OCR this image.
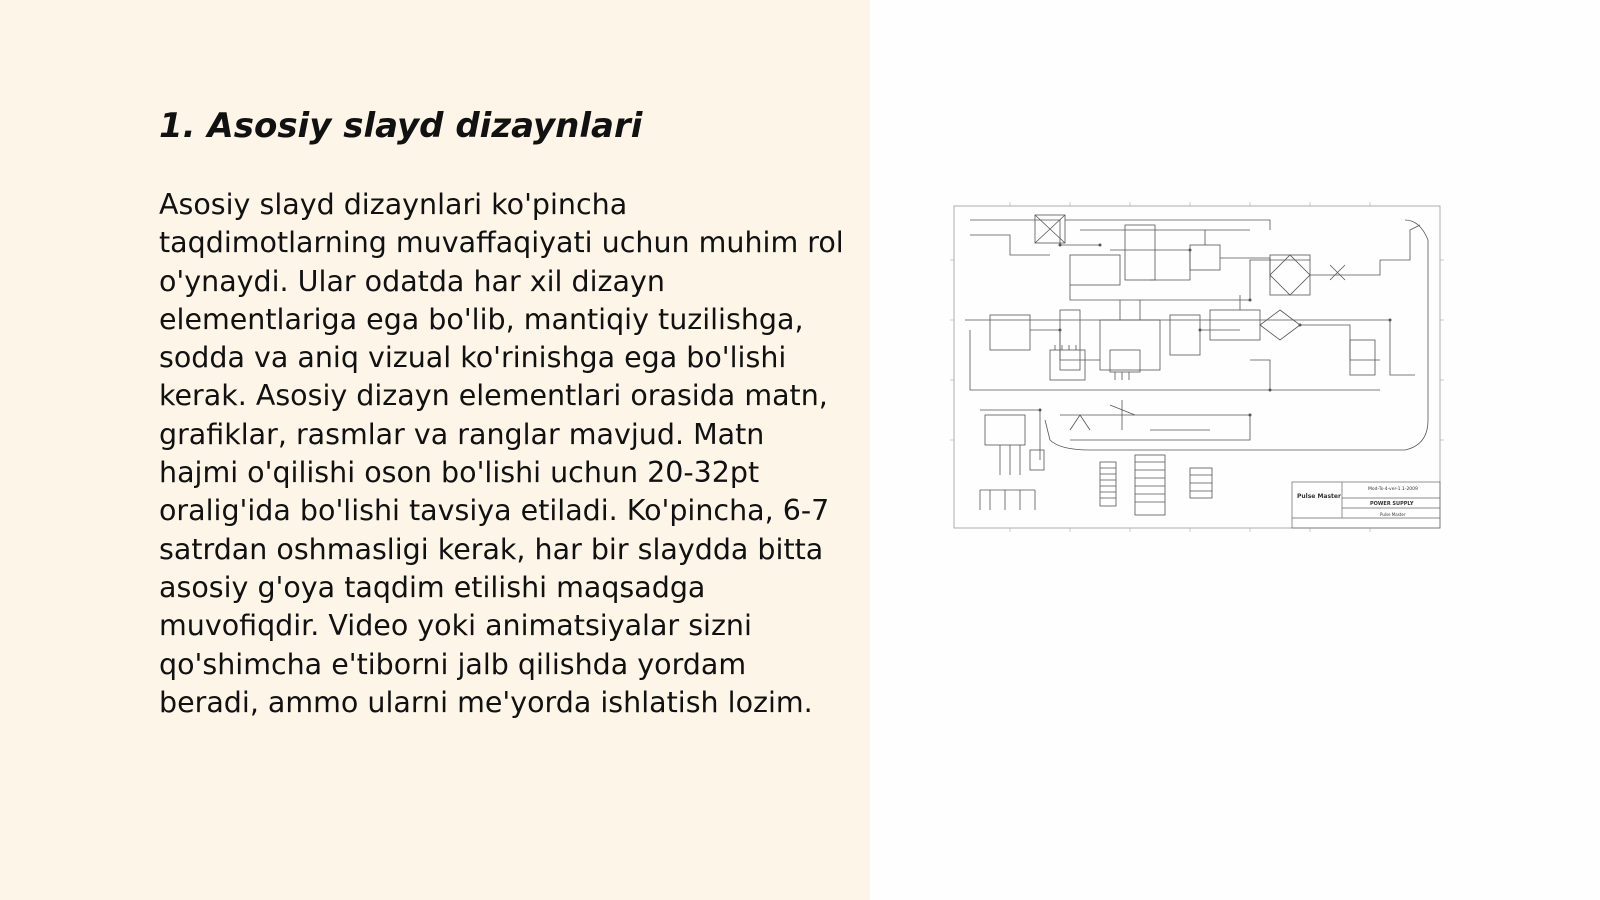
1. Asosiy slayd dizaynlari

Asosiy slayd dizaynlari ko'pincha taqdimotlarning muvaffaqiyati uchun muhim rol o'ynaydi. Ular odatda har xil dizayn elementlariga ega bo'lib, mantiqiy tuzilishga, sodda va aniq vizual ko'rinishga ega bo'lishi kerak. Asosiy dizayn elementlari orasida matn, grafiklar, rasmlar va ranglar mavjud. Matn hajmi o'qilishi oson bo'lishi uchun 20-32pt oralig'ida bo'lishi tavsiya etiladi. Ko'pincha, 6-7 satrdan oshmasligi kerak, har bir slaydda bitta asosiy g'oya taqdim etilishi maqsadga muvofiqdir. Video yoki animatsiyalar sizni qo'shimcha e'tiborni jalb qilishda yordam beradi, ammo ularni me'yorda ishlatish lozim.

Pulse Master
Mod-Ts-4-ver-1.1-2009
POWER SUPPLY
Pulse Master
